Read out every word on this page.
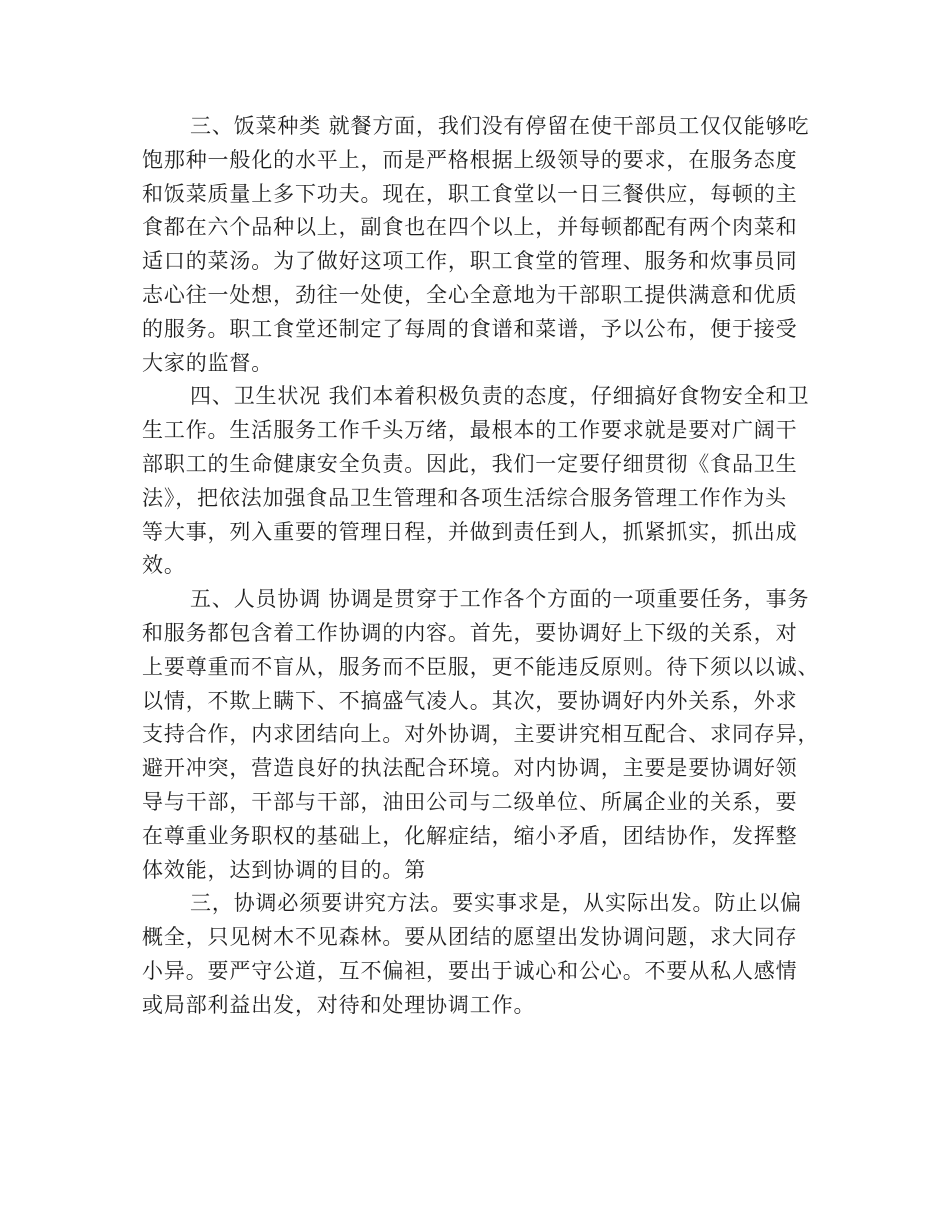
三、饭菜种类 就餐方面，我们没有停留在使干部员工仅仅能够吃
饱那种一般化的水平上，而是严格根据上级领导的要求，在服务态度
和饭菜质量上多下功夫。现在，职工食堂以一日三餐供应，每顿的主
食都在六个品种以上，副食也在四个以上，并每顿都配有两个肉菜和
适口的菜汤。为了做好这项工作，职工食堂的管理、服务和炊事员同
志心往一处想，劲往一处使，全心全意地为干部职工提供满意和优质
的服务。职工食堂还制定了每周的食谱和菜谱，予以公布，便于接受
大家的监督。

四、卫生状况 我们本着积极负责的态度，仔细搞好食物安全和卫
生工作。生活服务工作千头万绪，最根本的工作要求就是要对广阔干
部职工的生命健康安全负责。因此，我们一定要仔细贯彻《食品卫生
法》，把依法加强食品卫生管理和各项生活综合服务管理工作作为头
等大事，列入重要的管理日程，并做到责任到人，抓紧抓实，抓出成
效。

五、人员协调 协调是贯穿于工作各个方面的一项重要任务，事务
和服务都包含着工作协调的内容。首先，要协调好上下级的关系，对
上要尊重而不盲从，服务而不臣服，更不能违反原则。待下须以以诚、
以情，不欺上瞒下、不搞盛气凌人。其次，要协调好内外关系，外求
支持合作，内求团结向上。对外协调，主要讲究相互配合、求同存异，
避开冲突，营造良好的执法配合环境。对内协调，主要是要协调好领
导与干部，干部与干部，油田公司与二级单位、所属企业的关系，要
在尊重业务职权的基础上，化解症结，缩小矛盾，团结协作，发挥整
体效能，达到协调的目的。第

三，协调必须要讲究方法。要实事求是，从实际出发。防止以偏
概全，只见树木不见森林。要从团结的愿望出发协调问题，求大同存
小异。要严守公道，互不偏袒，要出于诚心和公心。不要从私人感情
或局部利益出发，对待和处理协调工作。
